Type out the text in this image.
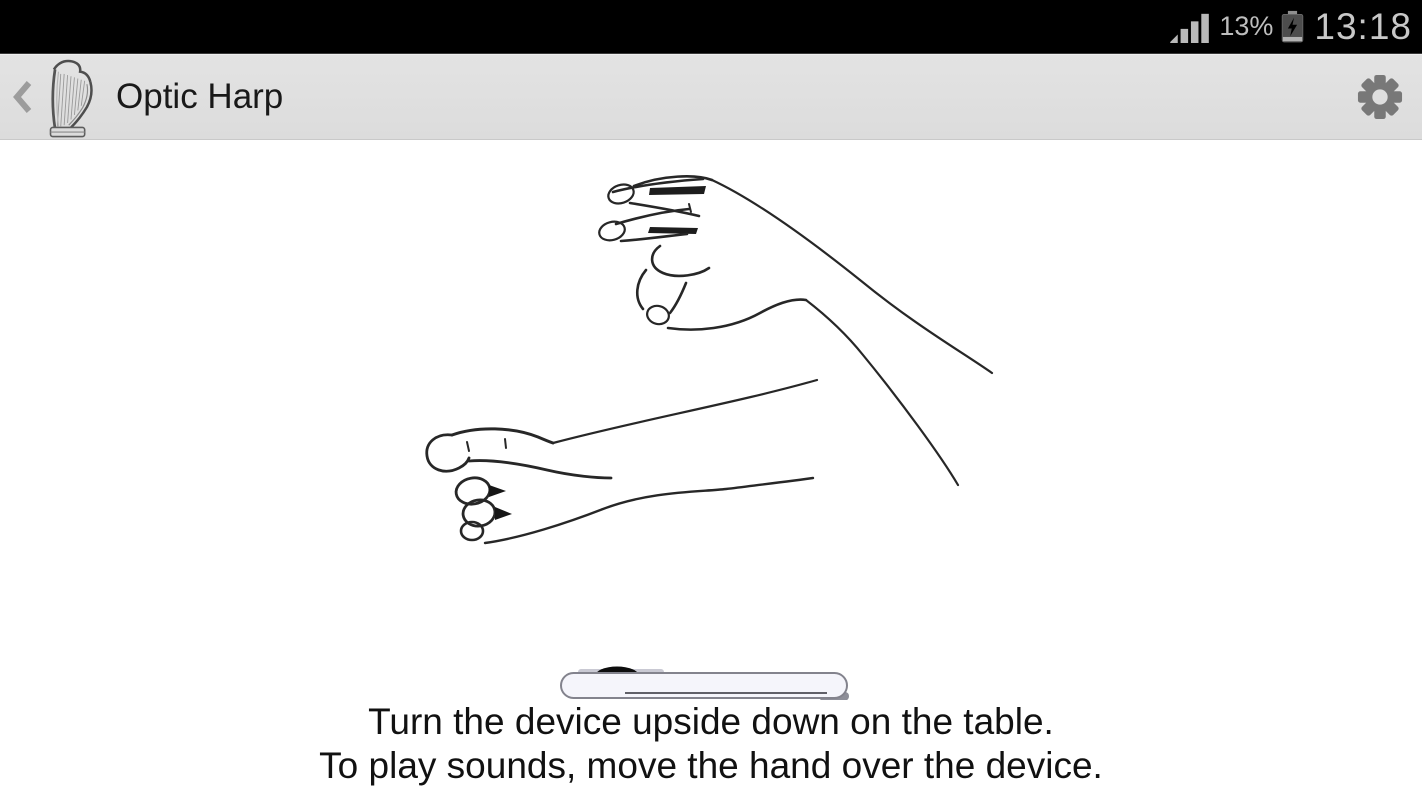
13% 13:18
Optic Harp
Turn the device upside down on the table.
To play sounds, move the hand over the device.
